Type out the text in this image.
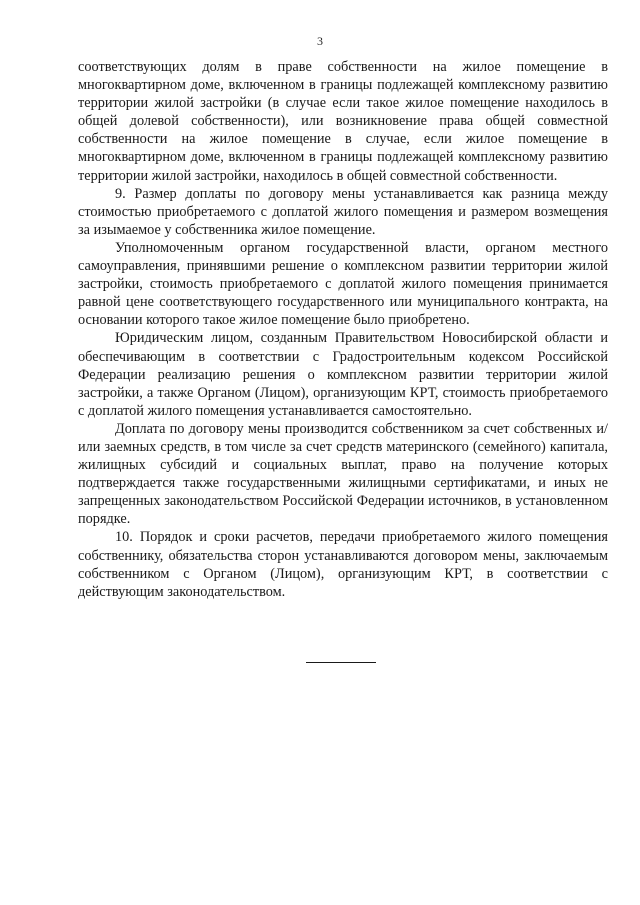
3

соответствующих долям в праве собственности на жилое помещение в многоквартирном доме, включенном в границы подлежащей комплексному развитию территории жилой застройки (в случае если такое жилое помещение находилось в общей долевой собственности), или возникновение права общей совместной собственности на жилое помещение в случае, если жилое помещение в многоквартирном доме, включенном в границы подлежащей комплексному развитию территории жилой застройки, находилось в общей совместной собственности.

9. Размер доплаты по договору мены устанавливается как разница между стоимостью приобретаемого с доплатой жилого помещения и размером возмещения за изымаемое у собственника жилое помещение.

Уполномоченным органом государственной власти, органом местного самоуправления, принявшими решение о комплексном развитии территории жилой застройки, стоимость приобретаемого с доплатой жилого помещения принимается равной цене соответствующего государственного или муниципального контракта, на основании которого такое жилое помещение было приобретено.

Юридическим лицом, созданным Правительством Новосибирской области и обеспечивающим в соответствии с Градостроительным кодексом Российской Федерации реализацию решения о комплексном развитии территории жилой застройки, а также Органом (Лицом), организующим КРТ, стоимость приобретаемого с доплатой жилого помещения устанавливается самостоятельно.

Доплата по договору мены производится собственником за счет собственных и/или заемных средств, в том числе за счет средств материнского (семейного) капитала, жилищных субсидий и социальных выплат, право на получение которых подтверждается также государственными жилищными сертификатами, и иных не запрещенных законодательством Российской Федерации источников, в установленном порядке.

10. Порядок и сроки расчетов, передачи приобретаемого жилого помещения собственнику, обязательства сторон устанавливаются договором мены, заключаемым собственником с Органом (Лицом), организующим КРТ, в соответствии с действующим законодательством.
